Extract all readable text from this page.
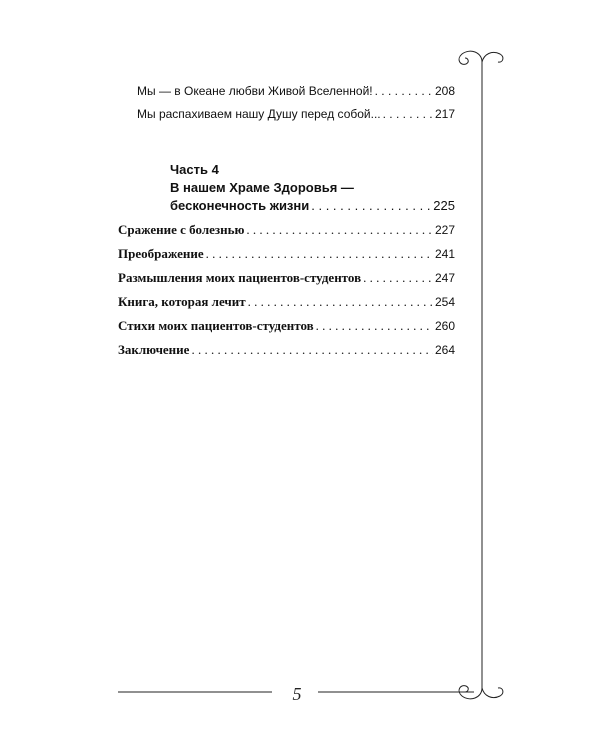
Мы — в Океане любви Живой Вселенной! . . .	208
Мы распахиваем нашу Душу перед собой... . . .	217
Часть 4
В нашем Храме Здоровья —
бесконечность жизни . . .	225
Сражение с болезнью . . .	227
Преображение . . .	241
Размышления моих пациентов-студентов . . .	247
Книга, которая лечит . . .	254
Стихи моих пациентов-студентов . . .	260
Заключение . . .	264
5
